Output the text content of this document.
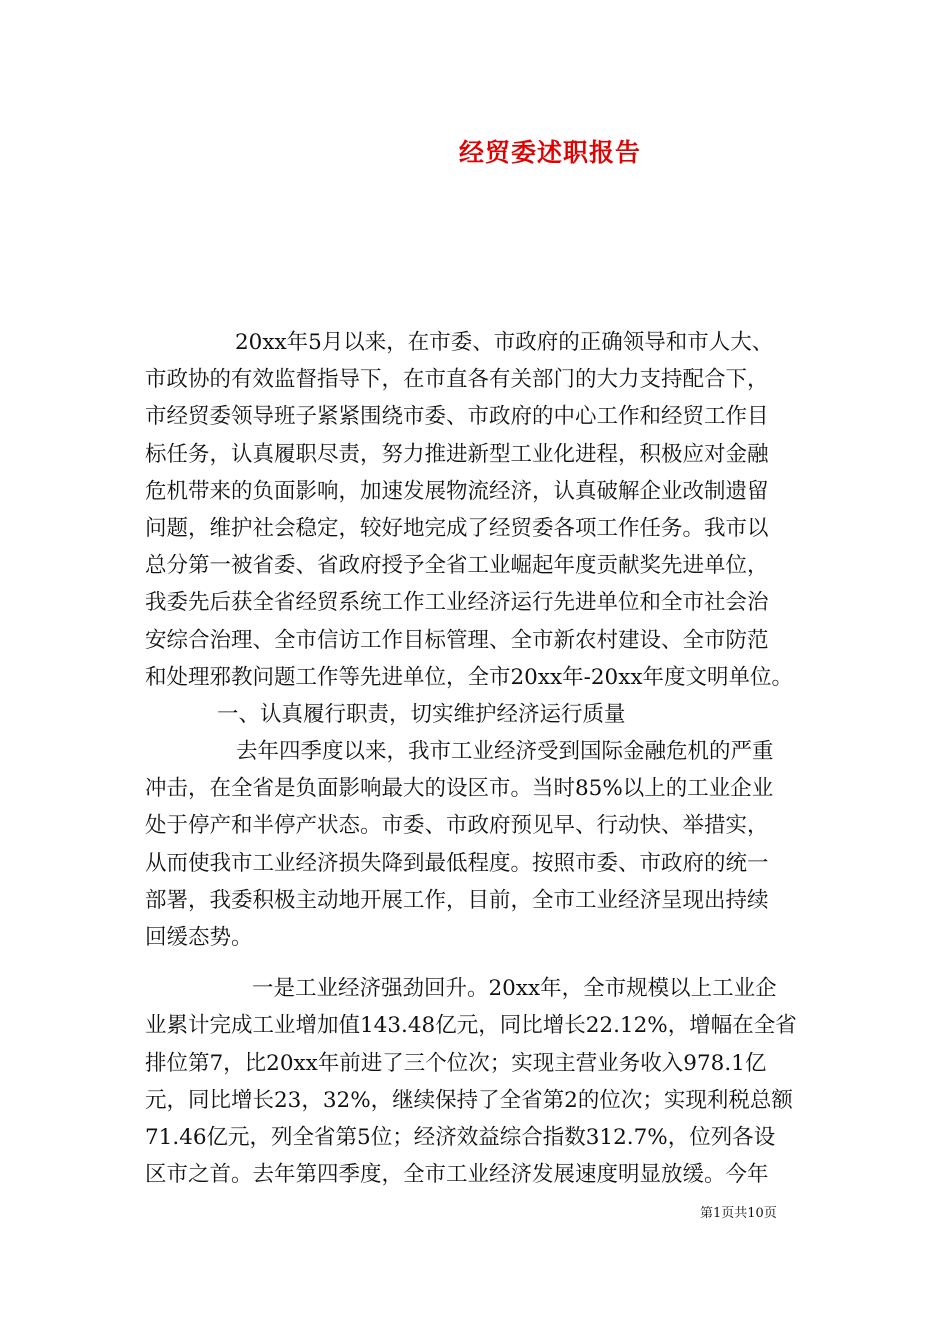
经贸委述职报告
20xx年5月以来，在市委、市政府的正确领导和市人大、
市政协的有效监督指导下，在市直各有关部门的大力支持配合下，
市经贸委领导班子紧紧围绕市委、市政府的中心工作和经贸工作目
标任务，认真履职尽责，努力推进新型工业化进程，积极应对金融
危机带来的负面影响，加速发展物流经济，认真破解企业改制遗留
问题，维护社会稳定，较好地完成了经贸委各项工作任务。我市以
总分第一被省委、省政府授予全省工业崛起年度贡献奖先进单位，
我委先后获全省经贸系统工作工业经济运行先进单位和全市社会治
安综合治理、全市信访工作目标管理、全市新农村建设、全市防范
和处理邪教问题工作等先进单位，全市20xx年-20xx年度文明单位。
一、认真履行职责，切实维护经济运行质量
去年四季度以来，我市工业经济受到国际金融危机的严重
冲击，在全省是负面影响最大的设区市。当时85%以上的工业企业
处于停产和半停产状态。市委、市政府预见早、行动快、举措实，
从而使我市工业经济损失降到最低程度。按照市委、市政府的统一
部署，我委积极主动地开展工作，目前，全市工业经济呈现出持续
回缓态势。
一是工业经济强劲回升。20xx年，全市规模以上工业企
业累计完成工业增加值143.48亿元，同比增长22.12%，增幅在全省
排位第7，比20xx年前进了三个位次；实现主营业务收入978.1亿
元，同比增长23，32%，继续保持了全省第2的位次；实现利税总额
71.46亿元，列全省第5位；经济效益综合指数312.7%，位列各设
区市之首。去年第四季度，全市工业经济发展速度明显放缓。今年
第1页共10页
